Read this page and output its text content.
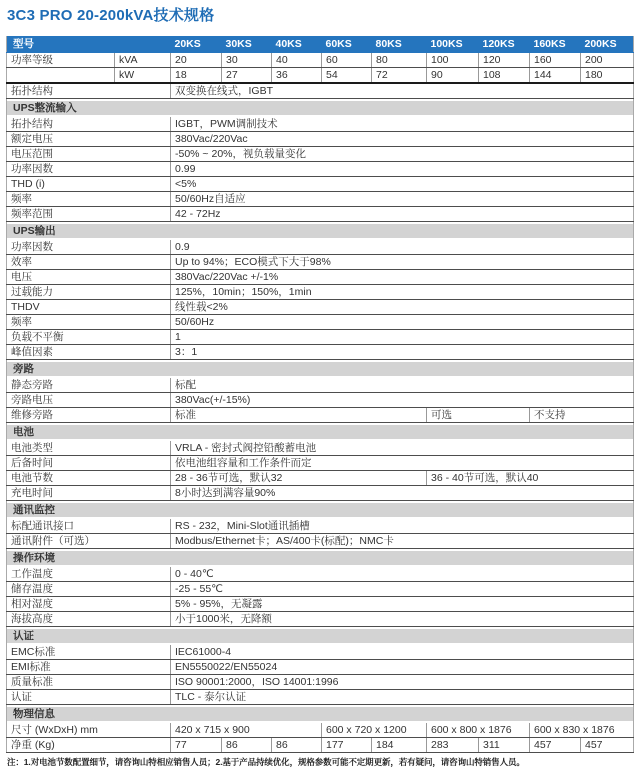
3C3 PRO 20-200kVA技术规格
型号		20KS	30KS	40KS	60KS	80KS	100KS	120KS	160KS	200KS
功率等级	kVA	20	30	40	60	80	100	120	160	200
	kW	18	27	36	54	72	90	108	144	180
拓扑结构		双变换在线式，IGBT								

UPS整流输入										

拓扑结构		IGBT，PWM调制技术								
额定电压		380Vac/220Vac								
电压范围		-50% ~ 20%，视负载量变化								
功率因数		0.99								
THD (i)		<5%								
频率		50/60Hz自适应								
频率范围		42 - 72Hz								

UPS输出										

功率因数		0.9								
效率		Up to 94%；ECO模式下大于98%								
电压		380Vac/220Vac +/-1%								
过载能力		125%，10min；150%，1min								
THDV		线性载<2%								
频率		50/60Hz								
负载不平衡		1								
峰值因素		3：1								

旁路										

静态旁路		标配								
旁路电压		380Vac(+/-15%)								
维修旁路		标准					可选		不支持	

电池										

电池类型		VRLA - 密封式阀控铅酸蓄电池								
后备时间		依电池组容量和工作条件而定								
电池节数		28 - 36节可选，默认32					36 - 40节可选，默认40			
充电时间		8小时达到满容量90%								

通讯监控										

标配通讯接口		RS - 232，Mini-Slot通讯插槽								
通讯附件（可选）		Modbus/Ethernet卡；AS/400卡(标配)；NMC卡								

操作环境										

工作温度		0 - 40℃								
储存温度		-25 - 55℃								
相对湿度		5% - 95%，无凝露								
海拔高度		小于1000米，无降额								

认证										

EMC标准		IEC61000-4								
EMI标准		EN5550022/EN55024								
质量标准		ISO 90001:2000，ISO 14001:1996								
认证		TLC - 泰尔认证								

物理信息										

尺寸 (WxDxH) mm		420 x 715 x 900			600 x 720 x 1200		600 x 800 x 1876		600 x 830 x 1876	
净重 (Kg)		77	86	86	177	184	283	311	457	457
注：1.对电池节数配置细节，请咨询山特相应销售人员；2.基于产品持续优化，规格参数可能不定期更新，若有疑问，请咨询山特销售人员。
